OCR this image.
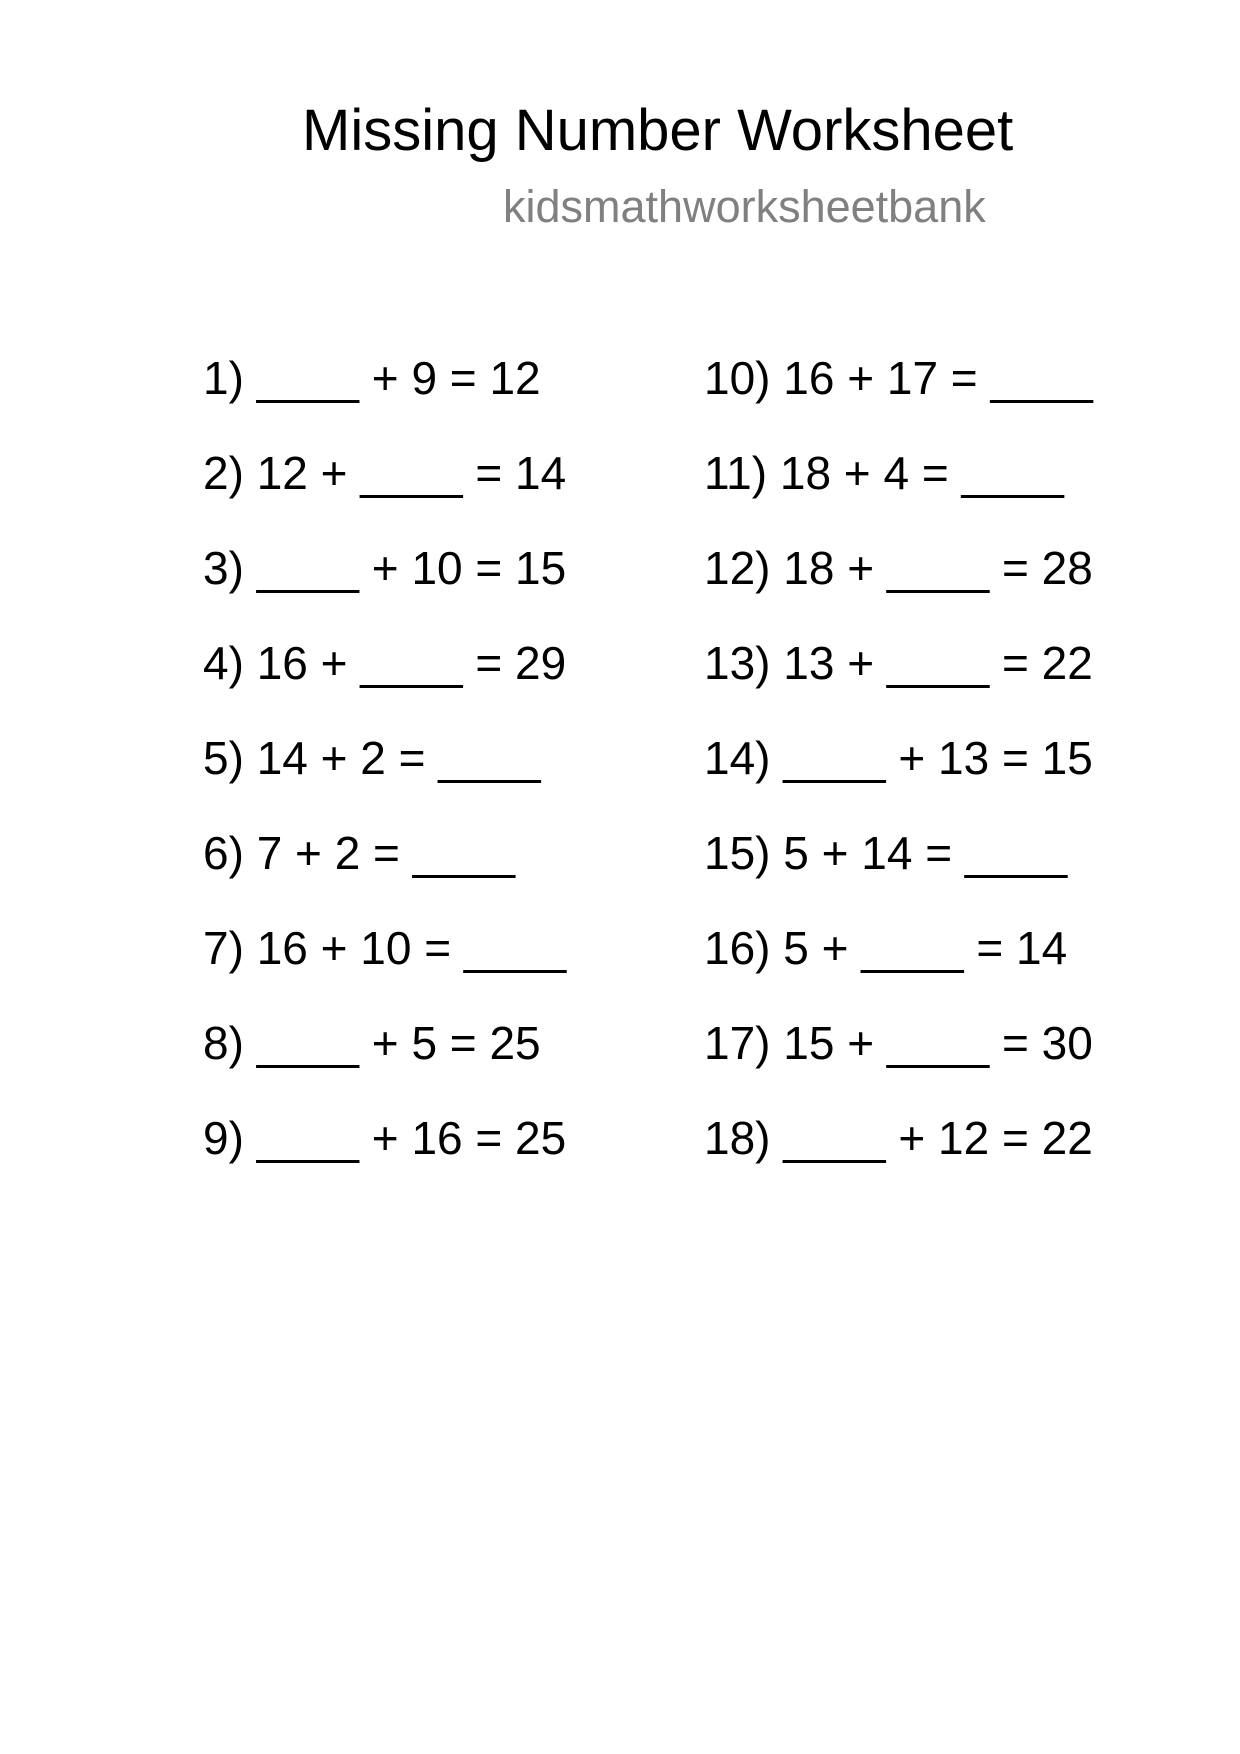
Missing Number Worksheet
kidsmathworksheetbank
1) ____ + 9 = 12
2) 12 + ____ = 14
3) ____ + 10 = 15
4) 16 + ____ = 29
5) 14 + 2 = ____
6) 7 + 2 = ____
7) 16 + 10 = ____
8) ____ + 5 = 25
9) ____ + 16 = 25
10) 16 + 17 = ____
11) 18 + 4 = ____
12) 18 + ____ = 28
13) 13 + ____ = 22
14) ____ + 13 = 15
15) 5 + 14 = ____
16) 5 + ____ = 14
17) 15 + ____ = 30
18) ____ + 12 = 22
